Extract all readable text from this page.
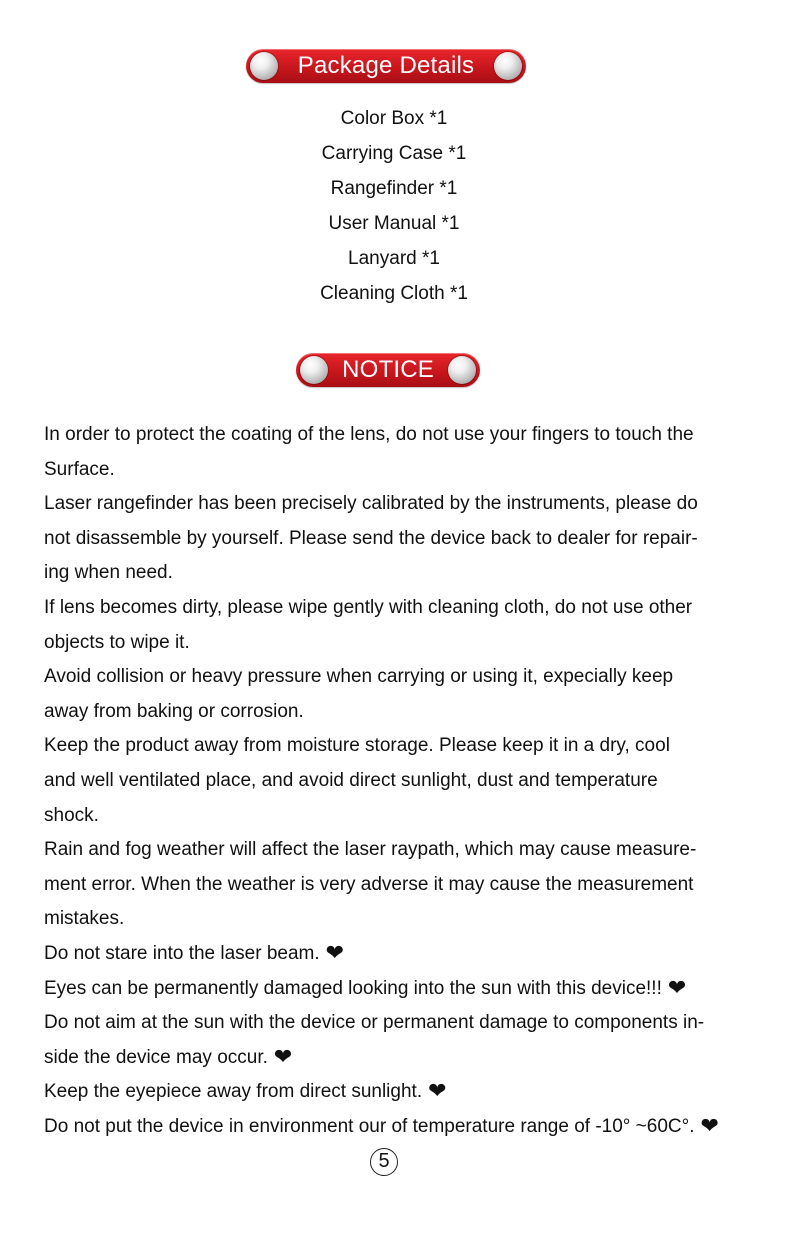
Package Details
Color Box *1
Carrying Case *1
Rangefinder *1
User Manual *1
Lanyard *1
Cleaning Cloth *1
NOTICE
In order to protect the coating of the lens, do not use your fingers to touch the
Surface.
Laser rangefinder has been precisely calibrated by the instruments, please do
not disassemble by yourself. Please send the device back to dealer for repair-
ing when need.
If lens becomes dirty, please wipe gently with cleaning cloth, do not use other
objects to wipe it.
Avoid collision or heavy pressure when carrying or using it, expecially keep
away from baking or corrosion.
Keep the product away from moisture storage. Please keep it in a dry, cool
and well ventilated place, and avoid direct sunlight, dust and temperature
shock.
Rain and fog weather will affect the laser raypath, which may cause measure-
ment error. When the weather is very adverse it may cause the measurement
mistakes.
Do not stare into the laser beam. ❤
Eyes can be permanently damaged looking into the sun with this device!!! ❤
Do not aim at the sun with the device or permanent damage to components in-
side the device may occur. ❤
Keep the eyepiece away from direct sunlight. ❤
Do not put the device in environment our of temperature range of -10° ~60C°. ❤
5
